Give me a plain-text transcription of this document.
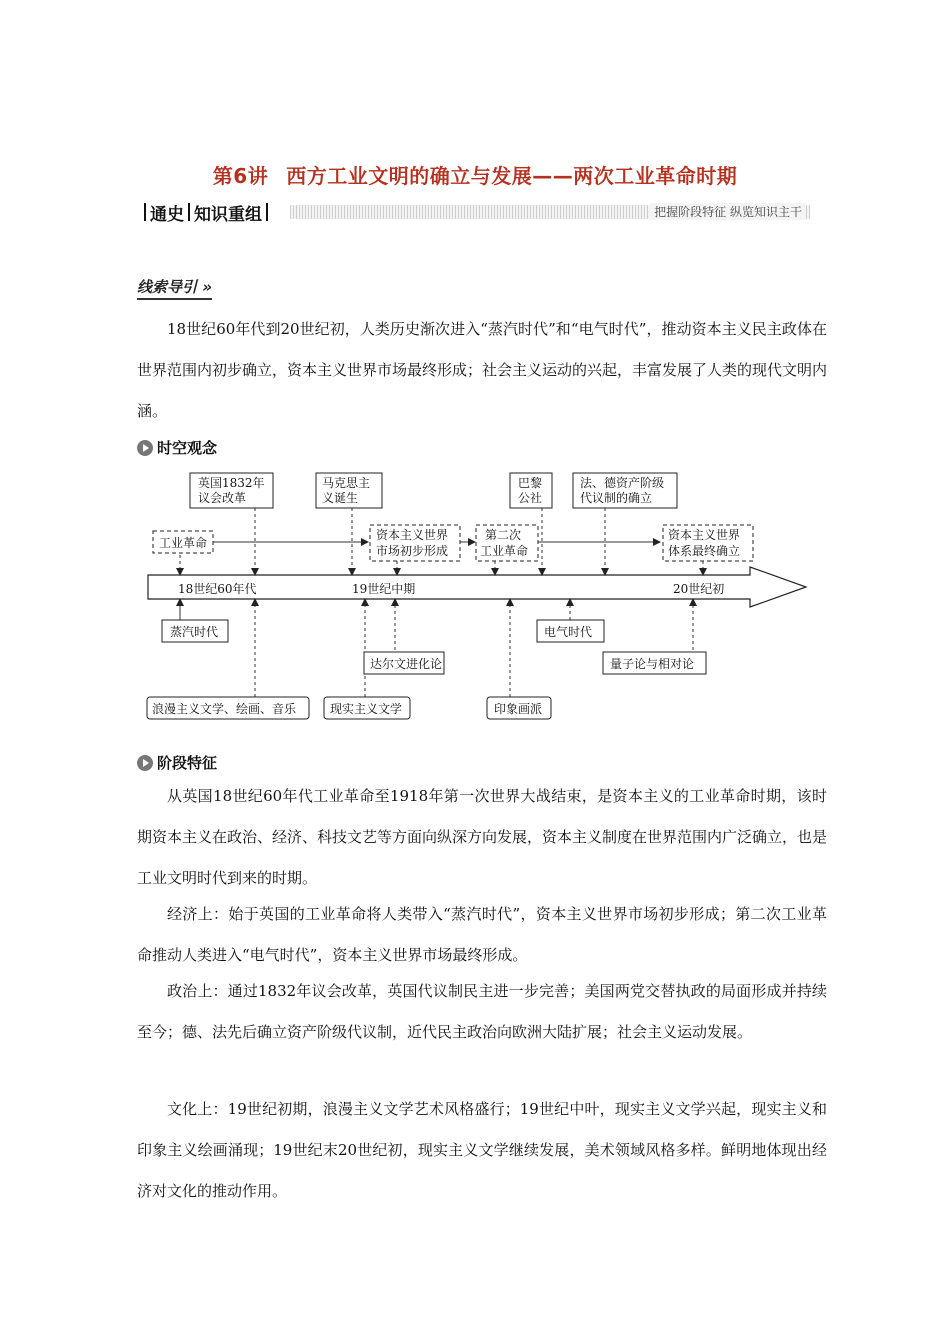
第6讲 西方工业文明的确立与发展——两次工业革命时期
通史 知识重组	把握阶段特征 纵览知识主干
线索导引 »

18世纪60年代到20世纪初，人类历史渐次进入“蒸汽时代”和“电气时代”，推动资本主义民主政体在世界范围内初步确立，资本主义世界市场最终形成；社会主义运动的兴起，丰富发展了人类的现代文明内涵。

时空观念
18世纪60年代	19世纪中期	20世纪初
英国1832年
议会改革
马克思主
义诞生
巴黎
公社
法、德资产阶级
代议制的确立
工业革命
资本主义世界
市场初步形成
第二次
工业革命
资本主义世界
体系最终确立
蒸汽时代	电气时代
达尔文进化论	量子论与相对论
浪漫主义文学、绘画、音乐	现实主义文学	印象画派
阶段特征

从英国18世纪60年代工业革命至1918年第一次世界大战结束，是资本主义的工业革命时期，该时期资本主义在政治、经济、科技文艺等方面向纵深方向发展，资本主义制度在世界范围内广泛确立，也是工业文明时代到来的时期。

经济上：始于英国的工业革命将人类带入“蒸汽时代”，资本主义世界市场初步形成；第二次工业革命推动人类进入“电气时代”，资本主义世界市场最终形成。

政治上：通过1832年议会改革，英国代议制民主进一步完善；美国两党交替执政的局面形成并持续至今；德、法先后确立资产阶级代议制，近代民主政治向欧洲大陆扩展；社会主义运动发展。

文化上：19世纪初期，浪漫主义文学艺术风格盛行；19世纪中叶，现实主义文学兴起，现实主义和印象主义绘画涌现；19世纪末20世纪初，现实主义文学继续发展，美术领域风格多样。鲜明地体现出经济对文化的推动作用。
